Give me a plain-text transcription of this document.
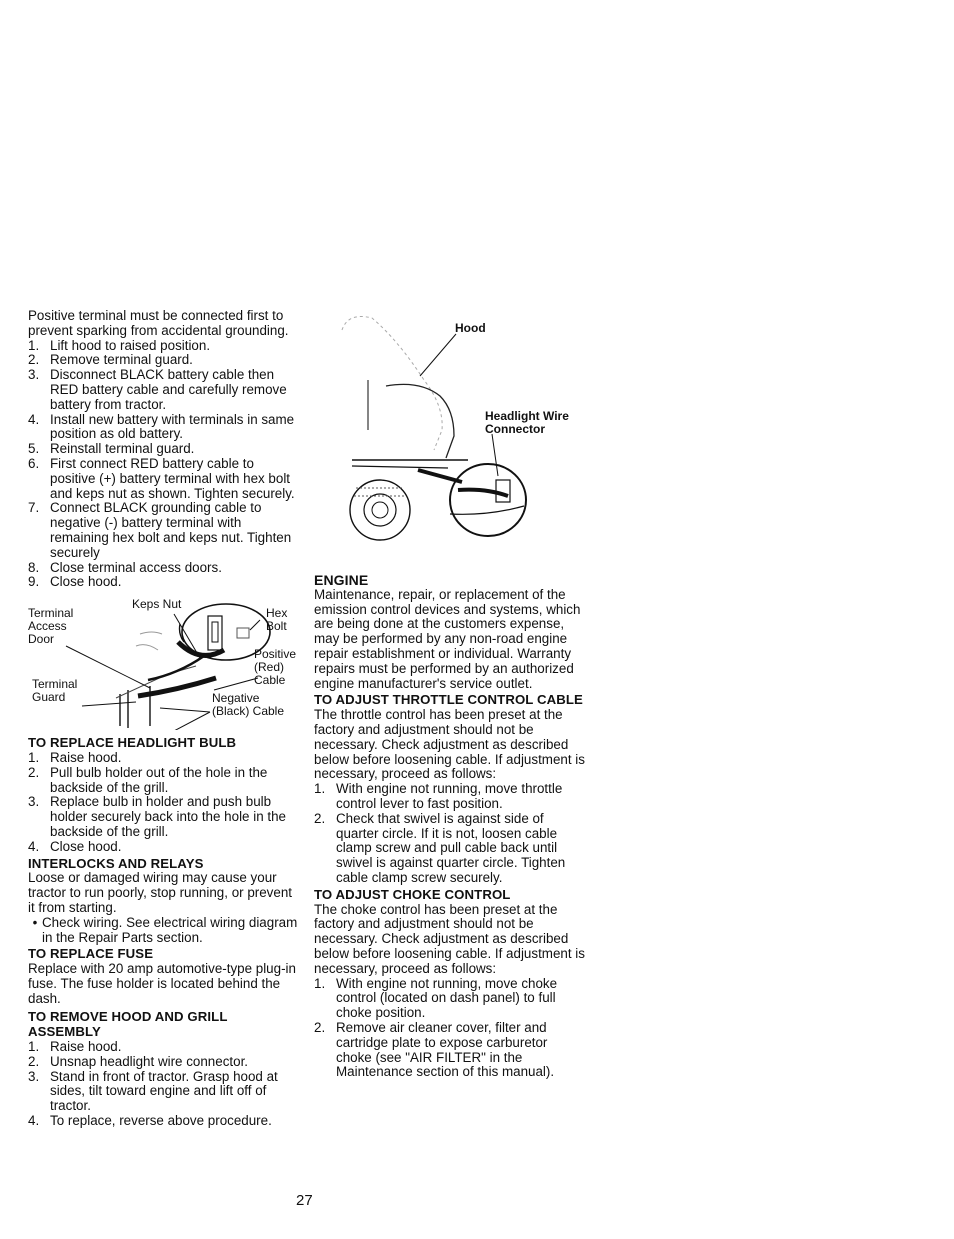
Positive terminal must be connected first to prevent sparking from accidental grounding.

1. Lift hood to raised position.
2. Remove terminal guard.
3. Disconnect BLACK battery cable then RED battery cable and carefully remove battery from tractor.
4. Install new battery with terminals in same position as old battery.
5. Reinstall terminal guard.
6. First connect RED battery cable to positive (+) battery terminal with hex bolt and keps nut as shown. Tighten securely.
7. Connect BLACK grounding cable to negative (-) battery terminal with remaining hex bolt and keps nut. Tighten securely
8. Close terminal access doors.
9. Close hood.
Keps Nut
Terminal
Access
Door
Hex
Bolt
Positive
(Red)
Cable
Terminal
Guard	Negative
(Black) Cable
TO REPLACE HEADLIGHT BULB
1. Raise hood.
2. Pull bulb holder out of the hole in the backside of the grill.
3. Replace bulb in holder and push bulb holder securely back into the hole in the backside of the grill.
4. Close hood.
INTERLOCKS AND RELAYS

Loose or damaged wiring may cause your tractor to run poorly, stop running, or prevent it from starting.

• Check wiring. See electrical wiring diagram in the Repair Parts section.
TO REPLACE FUSE

Replace with 20 amp automotive-type plug-in fuse. The fuse holder is located behind the dash.

TO REMOVE HOOD AND GRILL ASSEMBLY
1. Raise hood.
2. Unsnap headlight wire connector.
3. Stand in front of tractor. Grasp hood at sides, tilt toward engine and lift off of tractor.
4. To replace, reverse above procedure.
Hood
Headlight Wire
Connector
ENGINE

Maintenance, repair, or replacement of the emission control devices and systems, which are being done at the customers expense, may be performed by any non-road engine repair establishment or individual. Warranty repairs must be performed by an authorized engine manufacturer's service outlet.

TO ADJUST THROTTLE CONTROL CABLE

The throttle control has been preset at the factory and adjustment should not be necessary. Check adjustment as described below before loosening cable. If adjustment is necessary, proceed as follows:

1. With engine not running, move throttle control lever to fast position.
2. Check that swivel is against side of quarter circle. If it is not, loosen cable clamp screw and pull cable back until swivel is against quarter circle. Tighten cable clamp screw securely.
TO ADJUST CHOKE CONTROL

The choke control has been preset at the factory and adjustment should not be necessary. Check adjustment as described below before loosening cable. If adjustment is necessary, proceed as follows:

1. With engine not running, move choke control (located on dash panel) to full choke position.
2. Remove air cleaner cover, filter and cartridge plate to expose carburetor choke (see "AIR FILTER" in the Maintenance section of this manual).
27
